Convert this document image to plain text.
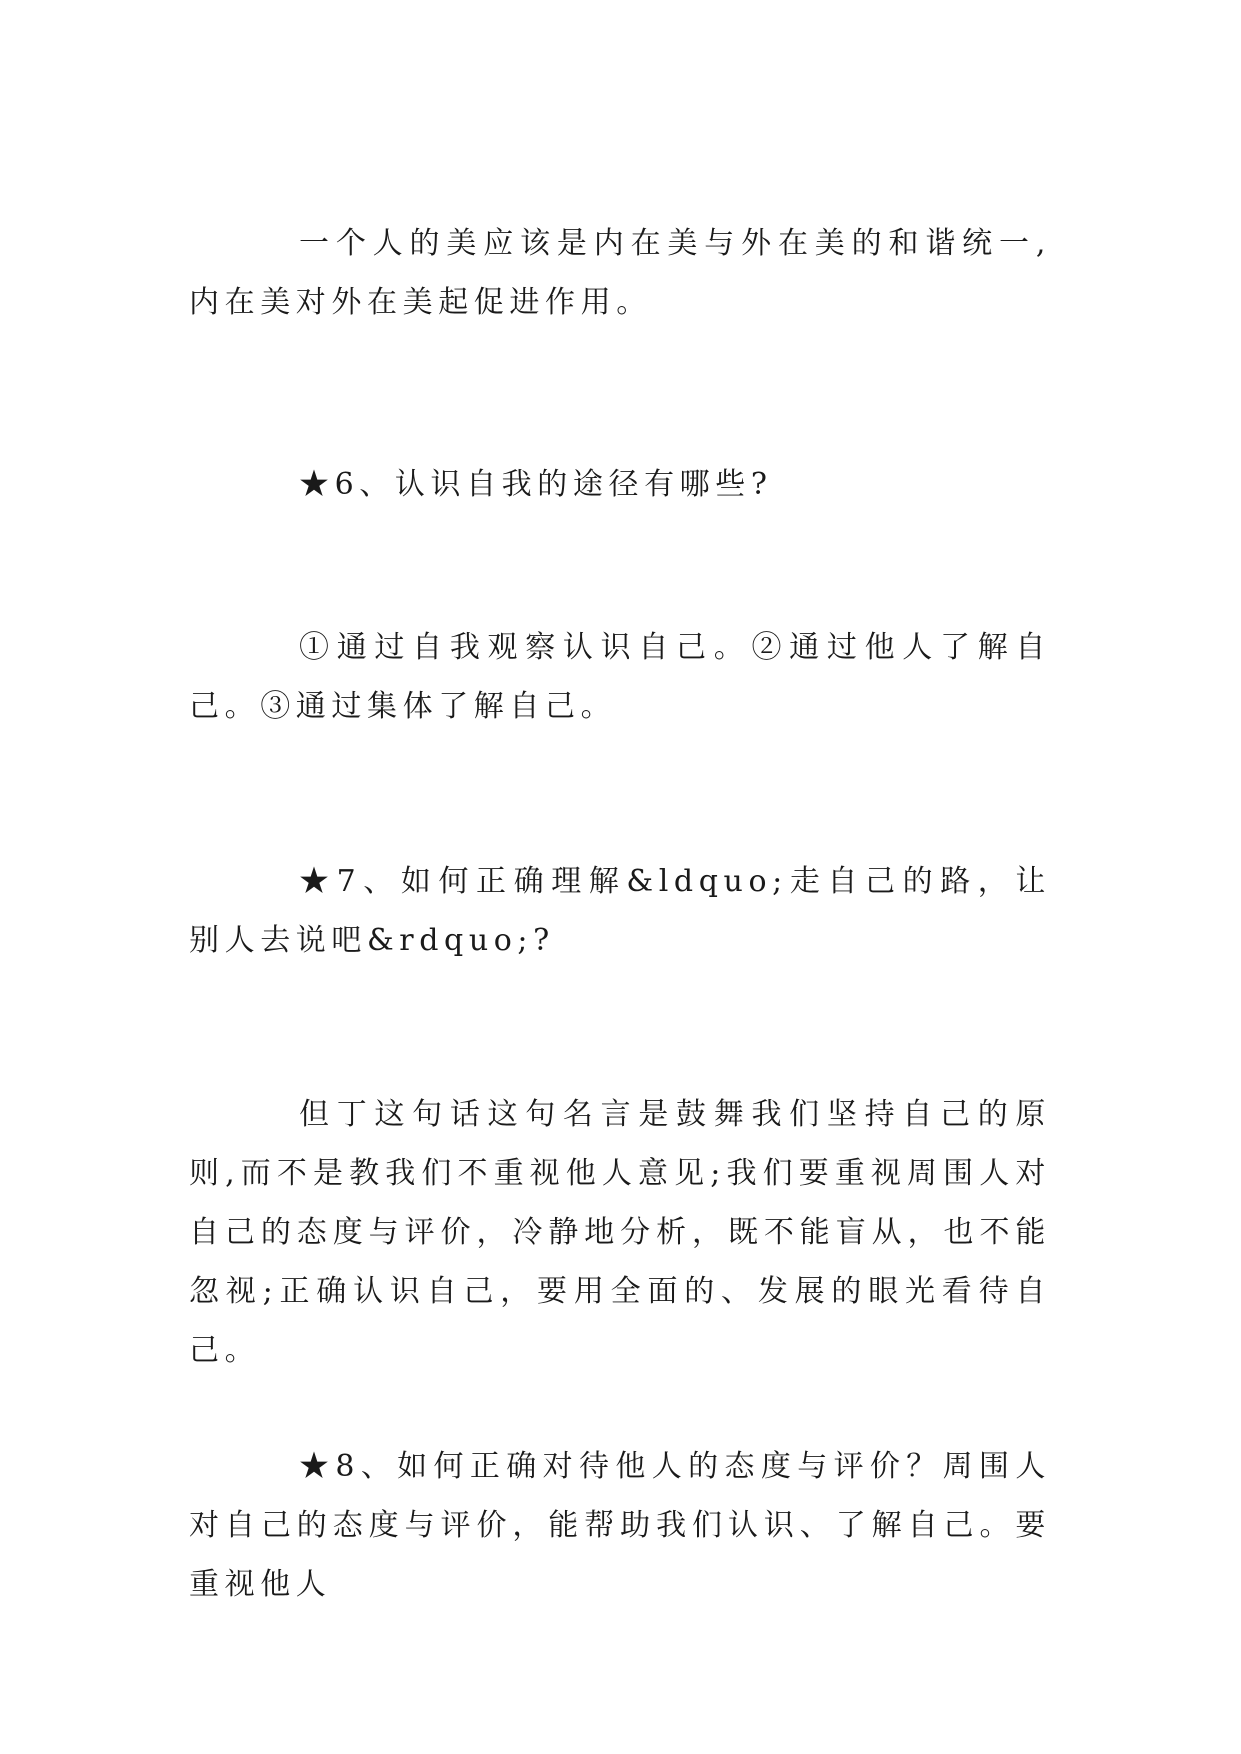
一个人的美应该是内在美与外在美的和谐统一,内在美对外在美起促进作用。

★6、认识自我的途径有哪些?

①通过自我观察认识自己。②通过他人了解自己。③通过集体了解自己。

★7、如何正确理解&ldquo;走自己的路，让别人去说吧&rdquo;?

但丁这句话这句名言是鼓舞我们坚持自己的原则,而不是教我们不重视他人意见;我们要重视周围人对自己的态度与评价，冷静地分析，既不能盲从，也不能忽视;正确认识自己，要用全面的、发展的眼光看待自己。

★8、如何正确对待他人的态度与评价？周围人对自己的态度与评价，能帮助我们认识、了解自己。要重视他人
